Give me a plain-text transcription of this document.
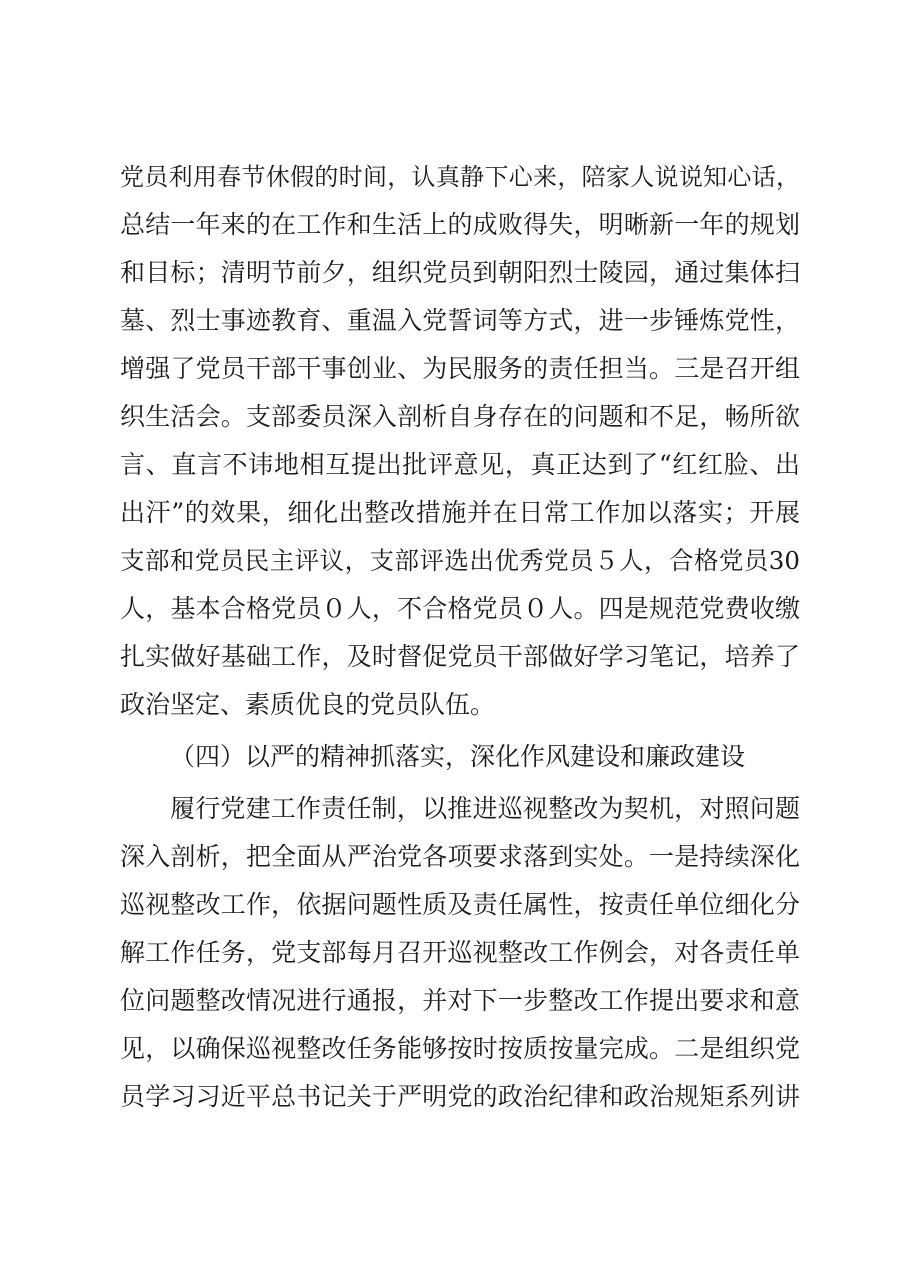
党员利用春节休假的时间，认真静下心来，陪家人说说知心话，
总结一年来的在工作和生活上的成败得失，明晰新一年的规划
和目标；清明节前夕，组织党员到朝阳烈士陵园，通过集体扫
墓、烈士事迹教育、重温入党誓词等方式，进一步锤炼党性，
增强了党员干部干事创业、为民服务的责任担当。三是召开组
织生活会。支部委员深入剖析自身存在的问题和不足，畅所欲
言、直言不讳地相互提出批评意见，真正达到了“红红脸、出
出汗”的效果，细化出整改措施并在日常工作加以落实；开展
支部和党员民主评议，支部评选出优秀党员５人，合格党员30
人，基本合格党员０人，不合格党员０人。四是规范党费收缴
扎实做好基础工作，及时督促党员干部做好学习笔记，培养了
政治坚定、素质优良的党员队伍。
（四）以严的精神抓落实，深化作风建设和廉政建设
履行党建工作责任制，以推进巡视整改为契机，对照问题
深入剖析，把全面从严治党各项要求落到实处。一是持续深化
巡视整改工作，依据问题性质及责任属性，按责任单位细化分
解工作任务，党支部每月召开巡视整改工作例会，对各责任单
位问题整改情况进行通报，并对下一步整改工作提出要求和意
见，以确保巡视整改任务能够按时按质按量完成。二是组织党
员学习习近平总书记关于严明党的政治纪律和政治规矩系列讲
